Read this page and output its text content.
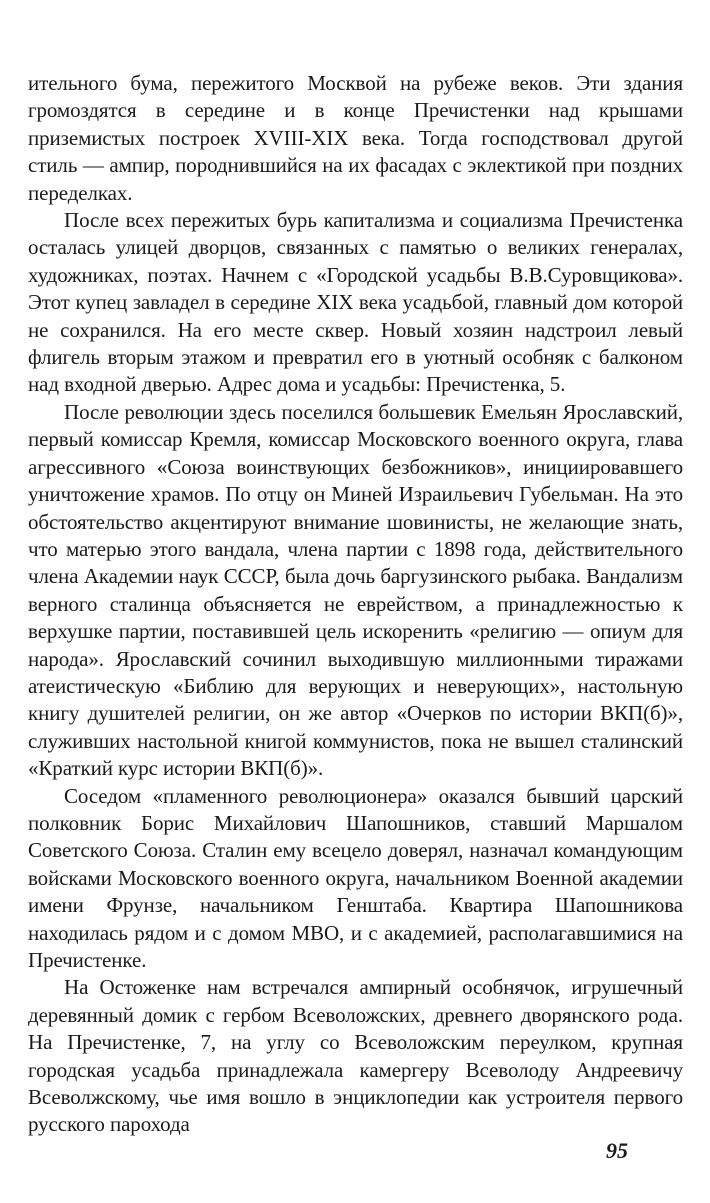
ительного бума, пережитого Москвой на рубеже веков. Эти здания громоздятся в середине и в конце Пречистенки над крышами приземистых построек XVIII-XIX века. Тогда господствовал другой стиль — ампир, породнившийся на их фасадах с эклектикой при поздних переделках.

После всех пережитых бурь капитализма и социализма Пречистенка осталась улицей дворцов, связанных с памятью о великих генералах, художниках, поэтах. Начнем с «Городской усадьбы В.В.Суровщикова». Этот купец завладел в середине XIX века усадьбой, главный дом которой не сохранился. На его месте сквер. Новый хозяин надстроил левый флигель вторым этажом и превратил его в уютный особняк с балконом над входной дверью. Адрес дома и усадьбы: Пречистенка, 5.

После революции здесь поселился большевик Емельян Ярославский, первый комиссар Кремля, комиссар Московского военного округа, глава агрессивного «Союза воинствующих безбожников», инициировавшего уничтожение храмов. По отцу он Миней Израильевич Губельман. На это обстоятельство акцентируют внимание шовинисты, не желающие знать, что матерью этого вандала, члена партии с 1898 года, действительного члена Академии наук СССР, была дочь баргузинского рыбака. Вандализм верного сталинца объясняется не еврейством, а принадлежностью к верхушке партии, поставившей цель искоренить «религию — опиум для народа». Ярославский сочинил выходившую миллионными тиражами атеистическую «Библию для верующих и неверующих», настольную книгу душителей религии, он же автор «Очерков по истории ВКП(б)», служивших настольной книгой коммунистов, пока не вышел сталинский «Краткий курс истории ВКП(б)».

Соседом «пламенного революционера» оказался бывший царский полковник Борис Михайлович Шапошников, ставший Маршалом Советского Союза. Сталин ему всецело доверял, назначал командующим войсками Московского военного округа, начальником Военной академии имени Фрунзе, начальником Генштаба. Квартира Шапошникова находилась рядом и с домом МВО, и с академией, располагавшимися на Пречистенке.

На Остоженке нам встречался ампирный особнячок, игрушечный деревянный домик с гербом Всеволожских, древнего дворянского рода. На Пречистенке, 7, на углу со Всеволожским переулком, крупная городская усадьба принадлежала камергеру Всеволоду Андреевичу Всеволжскому, чье имя вошло в энциклопедии как устроителя первого русского парохода

95
